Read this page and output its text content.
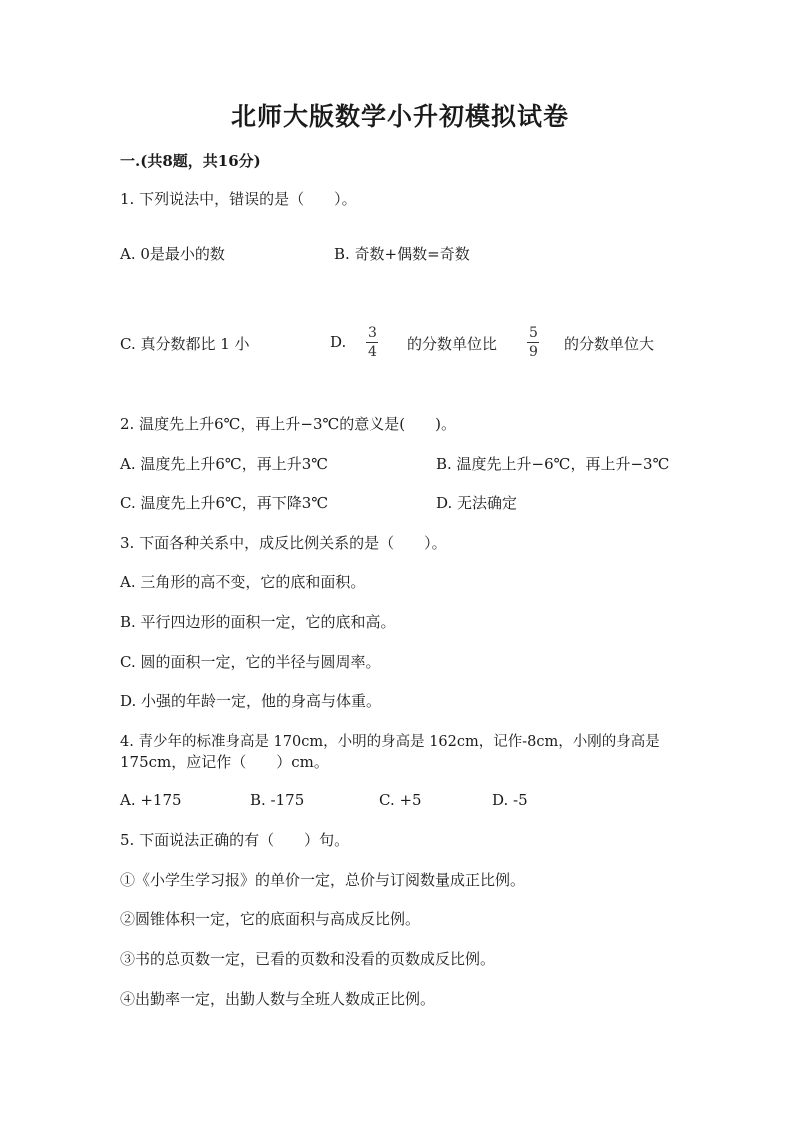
北师大版数学小升初模拟试卷
一.(共8题，共16分)
1. 下列说法中，错误的是（　　）。
A. 0是最小的数	B. 奇数+偶数=奇数
C. 真分数都比 1 小	D. 3
4 的分数单位比
5
9 的分数单位大
2. 温度先上升6℃，再上升−3℃的意义是(　　)。
A. 温度先上升6℃，再上升3℃	B. 温度先上升−6℃，再上升−3℃
C. 温度先上升6℃，再下降3℃	D. 无法确定
3. 下面各种关系中，成反比例关系的是（　　）。
A. 三角形的高不变，它的底和面积。
B. 平行四边形的面积一定，它的底和高。
C. 圆的面积一定，它的半径与圆周率。
D. 小强的年龄一定，他的身高与体重。
4. 青少年的标准身高是 170cm，小明的身高是 162cm，记作-8cm，小刚的身高是
175cm，应记作（　　）cm。
A. +175	B. -175	C. +5	D. -5
5. 下面说法正确的有（　　）句。
①《小学生学习报》的单价一定，总价与订阅数量成正比例。
②圆锥体积一定，它的底面积与高成反比例。
③书的总页数一定，已看的页数和没看的页数成反比例。
④出勤率一定，出勤人数与全班人数成正比例。
